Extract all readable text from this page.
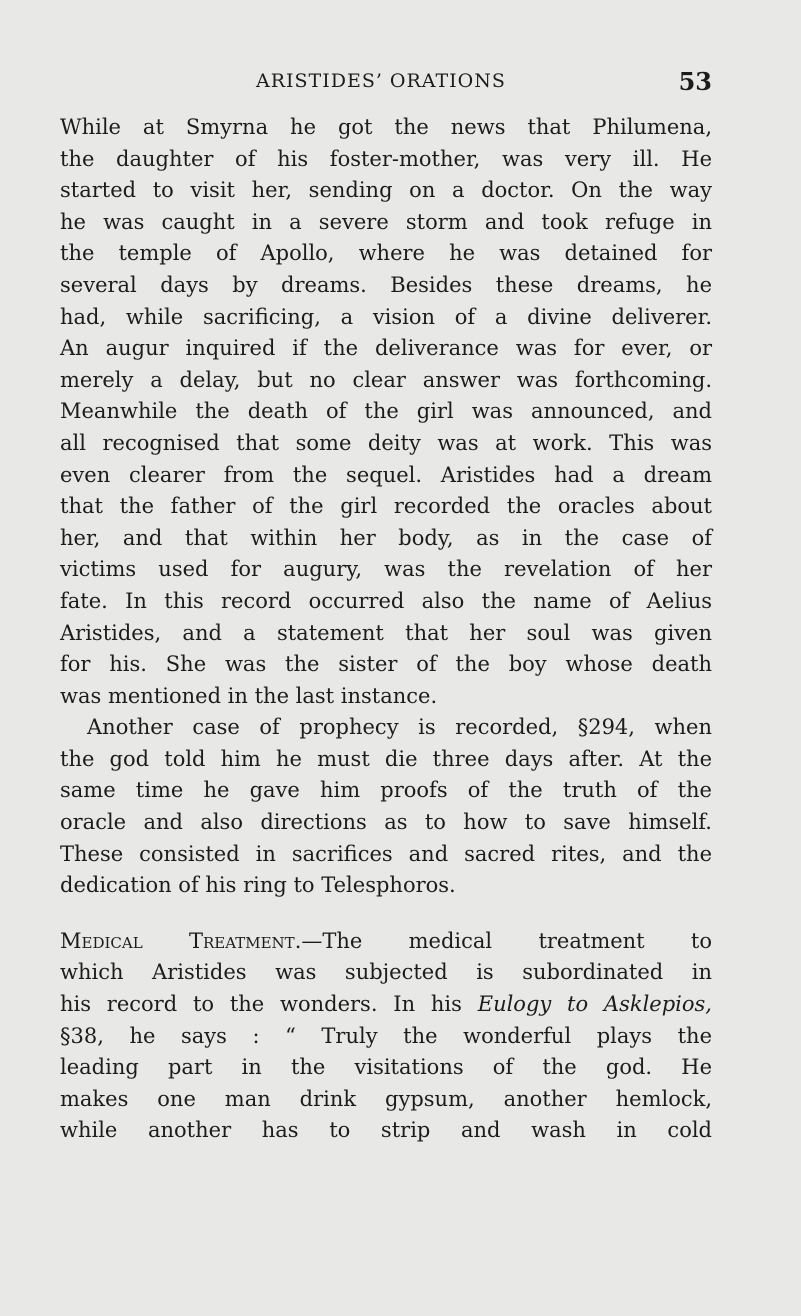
ARISTIDES’ ORATIONS	53
While at Smyrna he got the news that Philumena,
the daughter of his foster-mother, was very ill. He
started to visit her, sending on a doctor. On the way
he was caught in a severe storm and took refuge in
the temple of Apollo, where he was detained for
several days by dreams. Besides these dreams, he
had, while sacrificing, a vision of a divine deliverer.
An augur inquired if the deliverance was for ever, or
merely a delay, but no clear answer was forthcoming.
Meanwhile the death of the girl was announced, and
all recognised that some deity was at work. This was
even clearer from the sequel. Aristides had a dream
that the father of the girl recorded the oracles about
her, and that within her body, as in the case of
victims used for augury, was the revelation of her
fate. In this record occurred also the name of Aelius
Aristides, and a statement that her soul was given
for his. She was the sister of the boy whose death
was mentioned in the last instance.
Another case of prophecy is recorded, §294, when
the god told him he must die three days after. At the
same time he gave him proofs of the truth of the
oracle and also directions as to how to save himself.
These consisted in sacrifices and sacred rites, and the
dedication of his ring to Telesphoros.
Medical Treatment.—The medical treatment to
which Aristides was subjected is subordinated in
his record to the wonders. In his Eulogy to Asklepios,
§38, he says : “ Truly the wonderful plays the
leading part in the visitations of the god. He
makes one man drink gypsum, another hemlock,
while another has to strip and wash in cold
